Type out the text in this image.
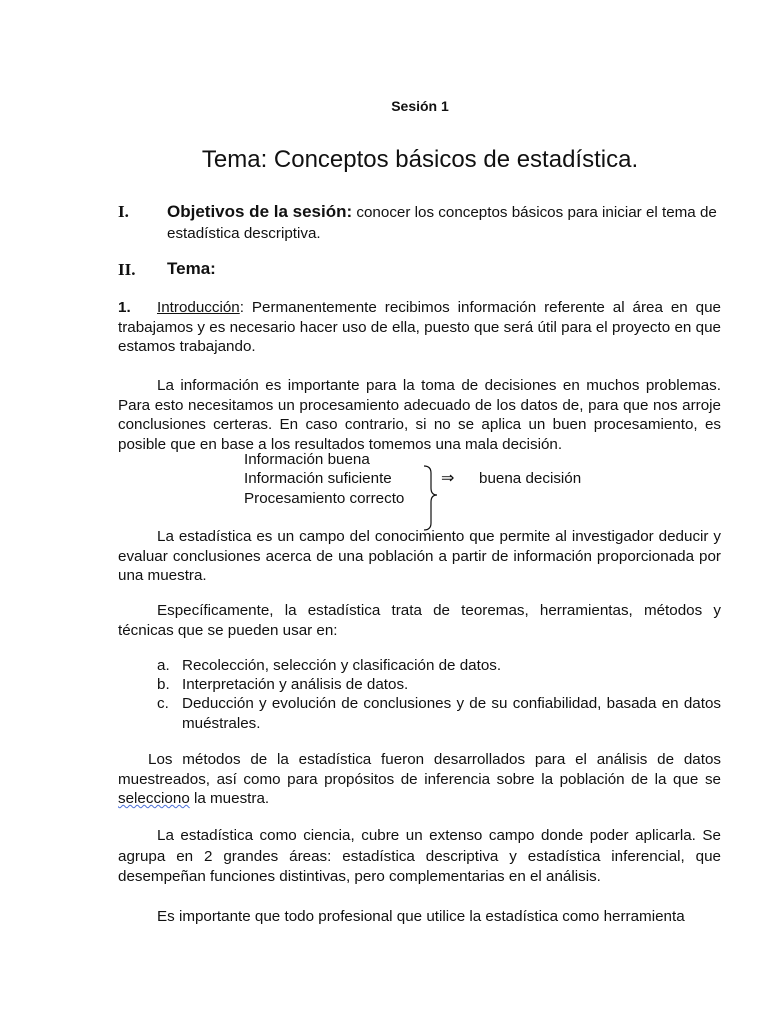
Sesión 1
Tema: Conceptos básicos de estadística.
I. Objetivos de la sesión: conocer los conceptos básicos para iniciar el tema de estadística descriptiva.
II. Tema:
1. Introducción: Permanentemente recibimos información referente al área en que trabajamos y es necesario hacer uso de ella, puesto que será útil para el proyecto en que estamos trabajando.
La información es importante para la toma de decisiones en muchos problemas. Para esto necesitamos un procesamiento adecuado de los datos de, para que nos arroje conclusiones certeras. En caso contrario, si no se aplica un buen procesamiento, es posible que en base a los resultados tomemos una mala decisión.
Información buena
Información suficiente
Procesamiento correcto
⇒ buena decisión
La estadística es un campo del conocimiento que permite al investigador deducir y evaluar conclusiones acerca de una población a partir de información proporcionada por una muestra.
Específicamente, la estadística trata de teoremas, herramientas, métodos y técnicas que se pueden usar en:
a. Recolección, selección y clasificación de datos.
b. Interpretación y análisis de datos.
c. Deducción y evolución de conclusiones y de su confiabilidad, basada en datos muéstrales.
Los métodos de la estadística fueron desarrollados para el análisis de datos muestreados, así como para propósitos de inferencia sobre la población de la que se selecciono la muestra.
La estadística como ciencia, cubre un extenso campo donde poder aplicarla. Se agrupa en 2 grandes áreas: estadística descriptiva y estadística inferencial, que desempeñan funciones distintivas, pero complementarias en el análisis.
Es importante que todo profesional que utilice la estadística como herramienta
